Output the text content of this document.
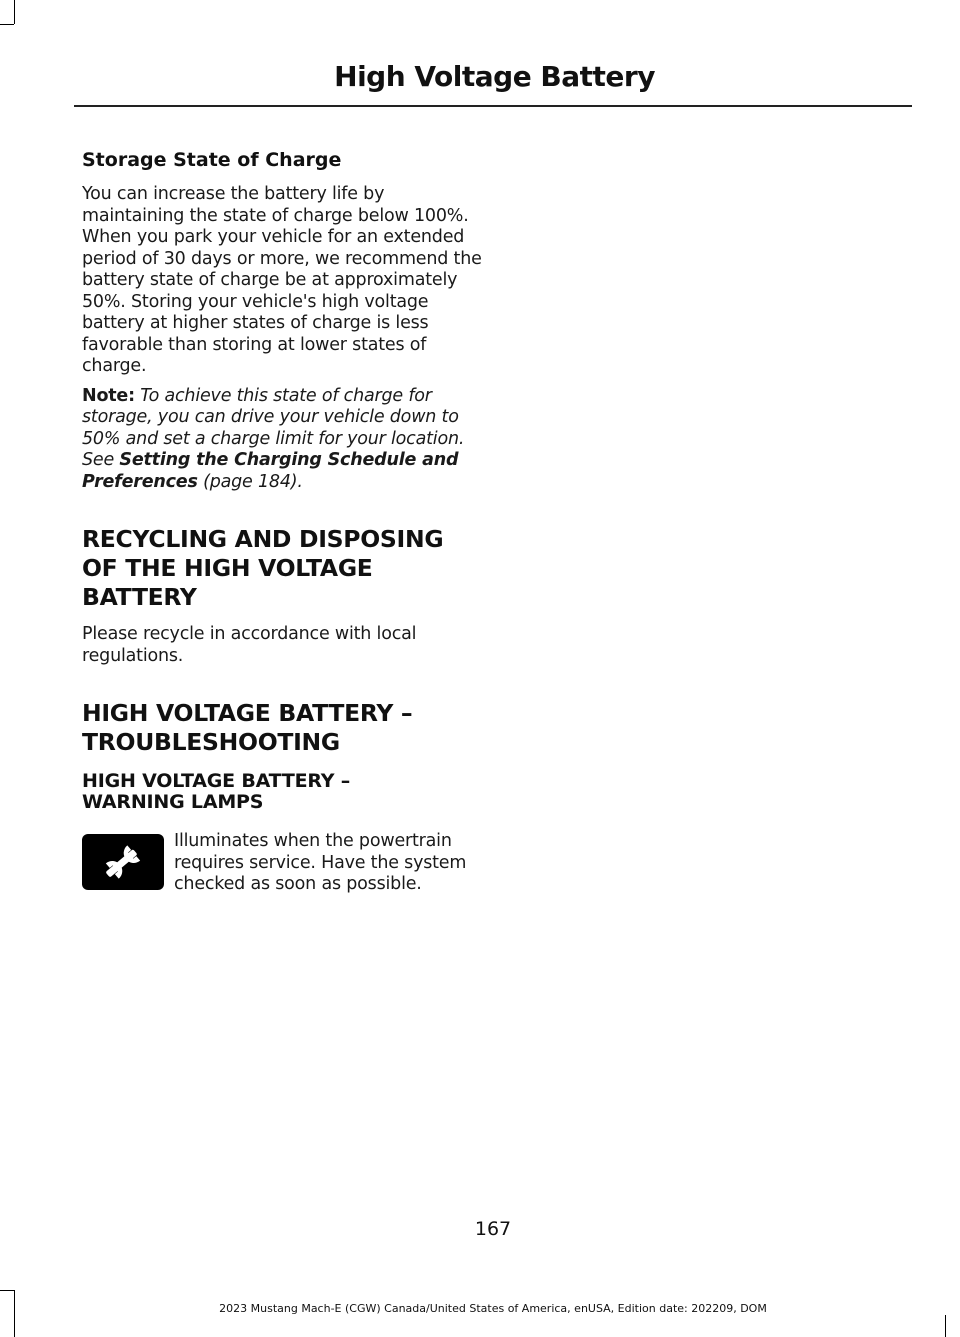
High Voltage Battery
Storage State of Charge

You can increase the battery life by maintaining the state of charge below 100%. When you park your vehicle for an extended period of 30 days or more, we recommend the battery state of charge be at approximately 50%. Storing your vehicle's high voltage battery at higher states of charge is less favorable than storing at lower states of charge.

Note: To achieve this state of charge for storage, you can drive your vehicle down to 50% and set a charge limit for your location. See Setting the Charging Schedule and Preferences (page 184).

RECYCLING AND DISPOSING
OF THE HIGH VOLTAGE
BATTERY

Please recycle in accordance with local regulations.

HIGH VOLTAGE BATTERY –
TROUBLESHOOTING
HIGH VOLTAGE BATTERY –
WARNING LAMPS
Illuminates when the powertrain requires service. Have the system checked as soon as possible.
167
2023 Mustang Mach-E (CGW) Canada/United States of America, enUSA, Edition date: 202209, DOM
